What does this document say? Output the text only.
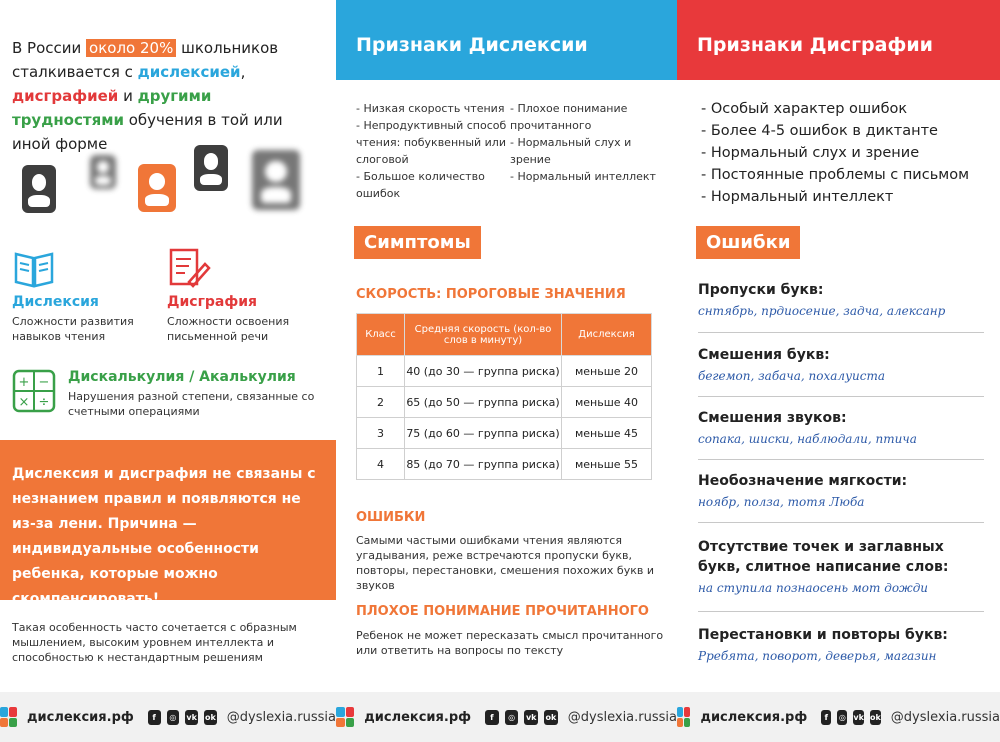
В России около 20% школьников сталкивается с дислексией, дисграфией и другими трудностями обучения в той или иной форме

Дислексия
Сложности развития навыков чтения
Дисграфия
Сложности освоения письменной речи
+ −
× ÷
Дискалькулия / Акалькулия
Нарушения разной степени, связанные со счетными операциями
Дислексия и дисграфия не связаны с незнанием правил и появляются не из-за лени. Причина — индивидуальные особенности ребенка, которые можно скомпенсировать!
Такая особенность часто сочетается с образным мышлением, высоким уровнем интеллекта и способностью к нестандартным решениям
Признаки Дислексии
- Низкая скорость чтения
- Непродуктивный способ чтения: побуквенный или слоговой
- Большое количество ошибок
- Плохое понимание прочитанного
- Нормальный слух и зрение
- Нормальный интеллект
Симптомы
СКОРОСТЬ: ПОРОГОВЫЕ ЗНАЧЕНИЯ
Класс	Средняя скорость (кол-во слов в минуту)	Дислексия
1	40 (до 30 — группа риска)	меньше 20
2	65 (до 50 — группа риска)	меньше 40
3	75 (до 60 — группа риска)	меньше 45
4	85 (до 70 — группа риска)	меньше 55
ОШИБКИ
Самыми частыми ошибками чтения являются угадывания, реже встречаются пропуски букв, повторы, перестановки, смешения похожих букв и звуков
ПЛОХОЕ ПОНИМАНИЕ ПРОЧИТАННОГО
Ребенок не может пересказать смысл прочитанного или ответить на вопросы по тексту
Признаки Дисграфии
- Особый характер ошибок
- Более 4-5 ошибок в диктанте
- Нормальный слух и зрение
- Постоянные проблемы с письмом
- Нормальный интеллект
Ошибки
Пропуски букв:
снтябрь, прдиосение, задча, алексанр
Смешения букв:
бегемоп, забача, похалуиста
Смешения звуков:
сопака, шиски, наблюдали, птича
Необозначение мягкости:
ноябр, полза, тотя Люба
Отсутствие точек и заглавных букв, слитное написание слов:
на ступила познаосень мот дожди
Перестановки и повторы букв:
Рребята, поворот, деверья, магазин
дислексия.рф	f	◎	vk ok @dyslexia.russia дислексия.рф	f	◎	vk ok @dyslexia.russia дислексия.рф	f	◎ vk ok @dyslexia.russia
